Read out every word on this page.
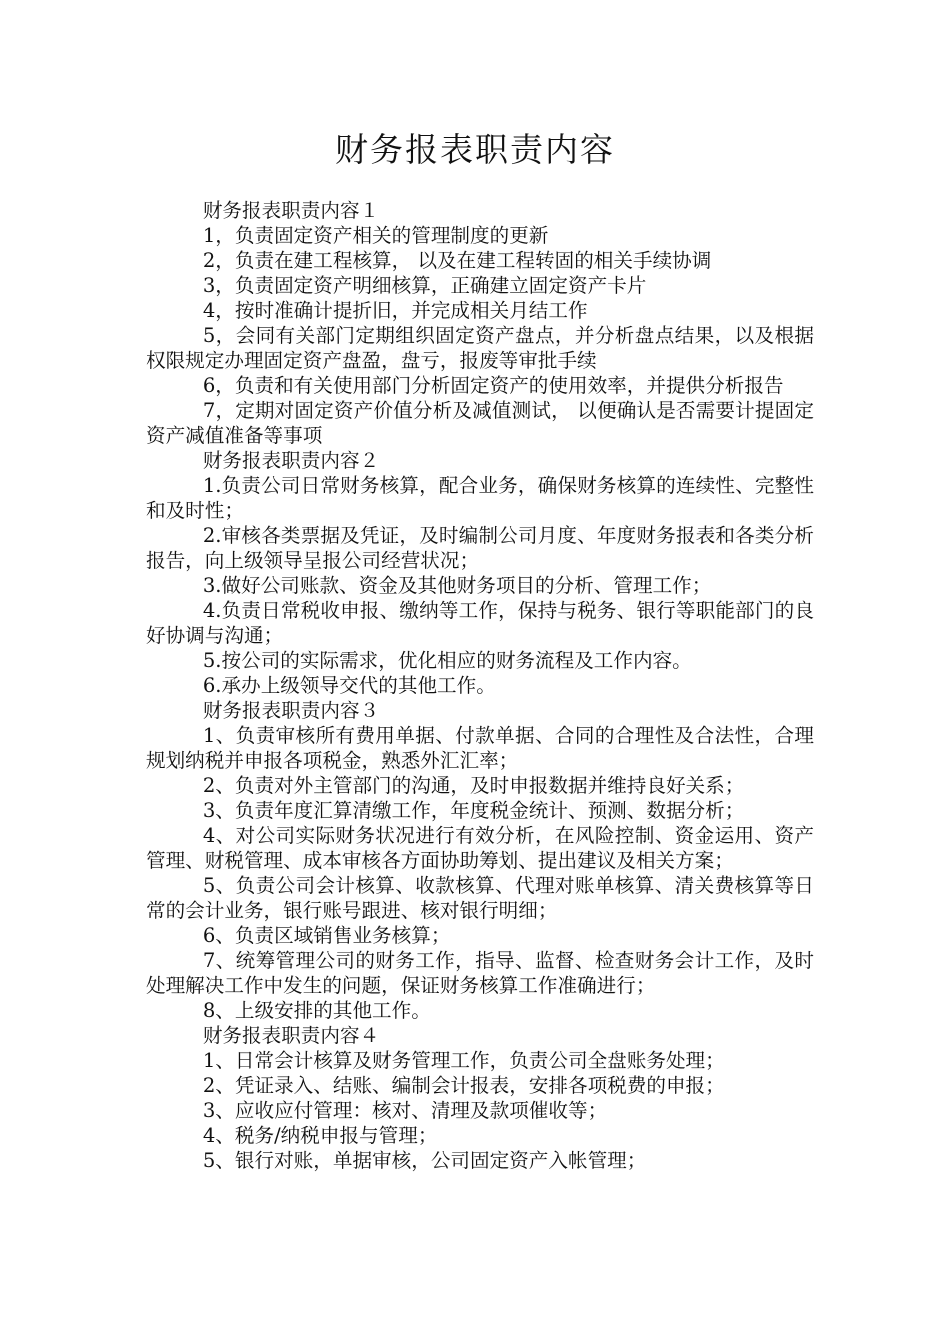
财务报表职责内容

财务报表职责内容１

1，负责固定资产相关的管理制度的更新

2，负责在建工程核算， 以及在建工程转固的相关手续协调

3，负责固定资产明细核算，正确建立固定资产卡片

4，按时准确计提折旧，并完成相关月结工作

5，会同有关部门定期组织固定资产盘点，并分析盘点结果，以及根据权限规定办理固定资产盘盈，盘亏，报废等审批手续

6，负责和有关使用部门分析固定资产的使用效率，并提供分析报告

7，定期对固定资产价值分析及减值测试， 以便确认是否需要计提固定资产减值准备等事项

财务报表职责内容２

1.负责公司日常财务核算，配合业务，确保财务核算的连续性、完整性和及时性；

2.审核各类票据及凭证，及时编制公司月度、年度财务报表和各类分析报告，向上级领导呈报公司经营状况；

3.做好公司账款、资金及其他财务项目的分析、管理工作；

4.负责日常税收申报、缴纳等工作，保持与税务、银行等职能部门的良好协调与沟通；

5.按公司的实际需求，优化相应的财务流程及工作内容。

6.承办上级领导交代的其他工作。

财务报表职责内容３

1、负责审核所有费用单据、付款单据、合同的合理性及合法性，合理规划纳税并申报各项税金，熟悉外汇汇率；

2、负责对外主管部门的沟通，及时申报数据并维持良好关系；

3、负责年度汇算清缴工作，年度税金统计、预测、数据分析；

4、对公司实际财务状况进行有效分析，在风险控制、资金运用、资产管理、财税管理、成本审核各方面协助筹划、提出建议及相关方案；

5、负责公司会计核算、收款核算、代理对账单核算、清关费核算等日常的会计业务，银行账号跟进、核对银行明细；

6、负责区域销售业务核算；

7、统筹管理公司的财务工作，指导、监督、检查财务会计工作，及时处理解决工作中发生的问题，保证财务核算工作准确进行；

8、上级安排的其他工作。

财务报表职责内容４

1、日常会计核算及财务管理工作，负责公司全盘账务处理；

2、凭证录入、结账、编制会计报表，安排各项税费的申报；

3、应收应付管理：核对、清理及款项催收等；

4、税务/纳税申报与管理；

5、银行对账，单据审核，公司固定资产入帐管理；
